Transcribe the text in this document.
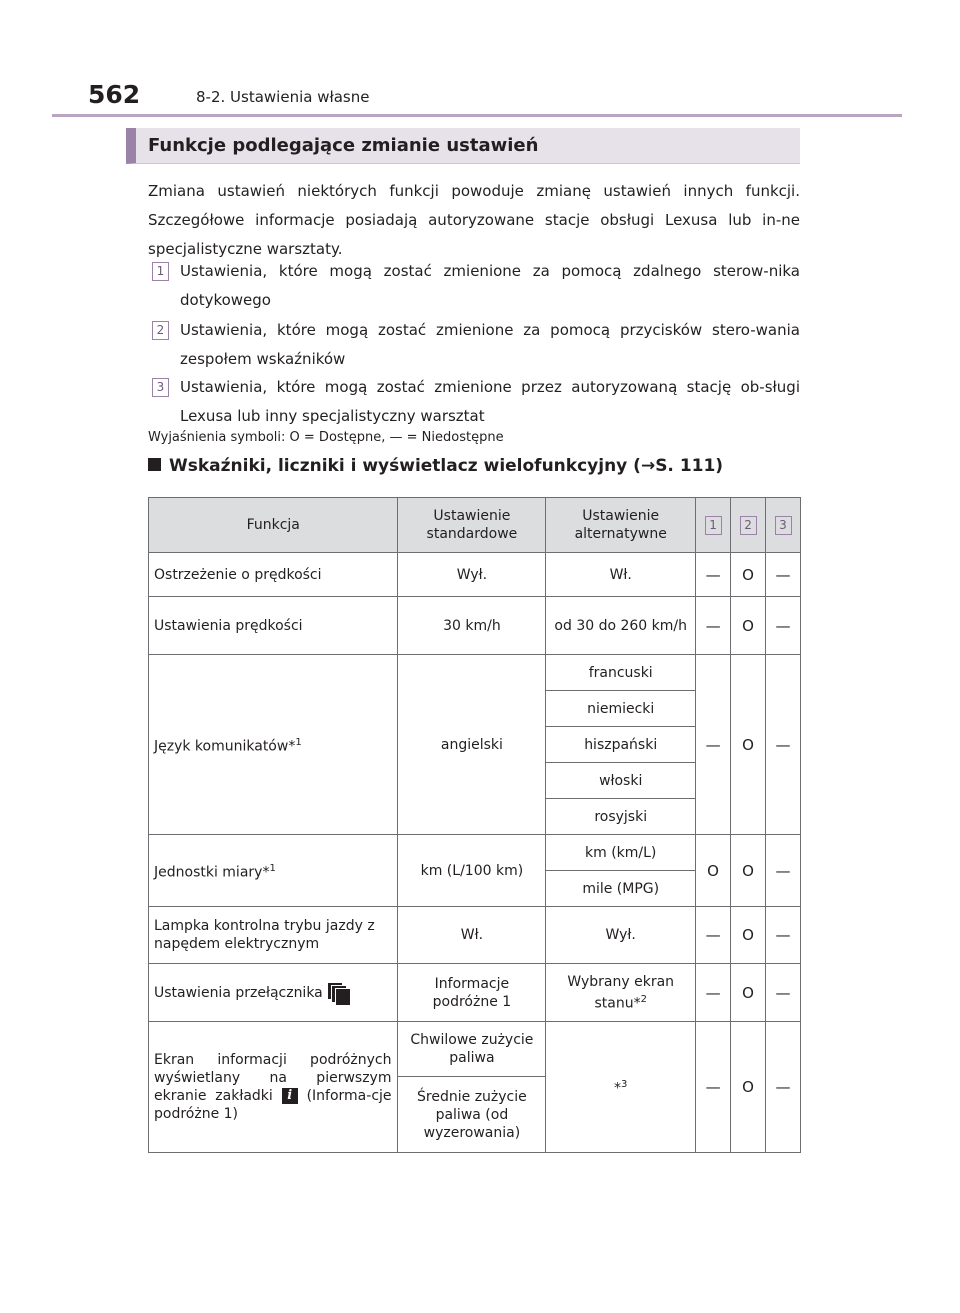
562	8-2. Ustawienia własne
Funkcje podlegające zmianie ustawień

Zmiana ustawień niektórych funkcji powoduje zmianę ustawień innych funkcji. Szczegółowe informacje posiadają autoryzowane stacje obsługi Lexusa lub in-ne specjalistyczne warsztaty.

1	Ustawienia, które mogą zostać zmienione za pomocą zdalnego sterow-nika dotykowego
2	Ustawienia, które mogą zostać zmienione za pomocą przycisków stero-wania zespołem wskaźników
3	Ustawienia, które mogą zostać zmienione przez autoryzowaną stację ob-sługi Lexusa lub inny specjalistyczny warsztat
Wyjaśnienia symboli: O = Dostępne, — = Niedostępne
Wskaźniki, liczniki i wyświetlacz wielofunkcyjny (→S. 111)
Funkcja	Ustawienie standardowe	Ustawienie alternatywne	1	2	3
Ostrzeżenie o prędkości	Wył.	Wł.	—	O	—
Ustawienia prędkości	30 km/h	od 30 do 260 km/h	—	O	—
Język komunikatów*$^1$	angielski	francuski	—	O	—
		niemiecki			
		hiszpański			
		włoski			
		rosyjski			
Jednostki miary*$^1$	km (L/100 km)	km (km/L)	O	O	—
		mile (MPG)			
Lampka kontrolna trybu jazdy z napędem elektrycznym	Wł.	Wył.	—	O	—
Ustawienia przełącznika	Informacje podróżne 1	Wybrany ekran stanu*$^2$	—	O	—
Ekran informacji podróżnych wyświetlany na pierwszym ekranie zakładki i (Informa-cje podróżne 1)	Chwilowe zużycie paliwa	*$^3$	—	O	—
	Średnie zużycie paliwa (od wyzerowania)				
